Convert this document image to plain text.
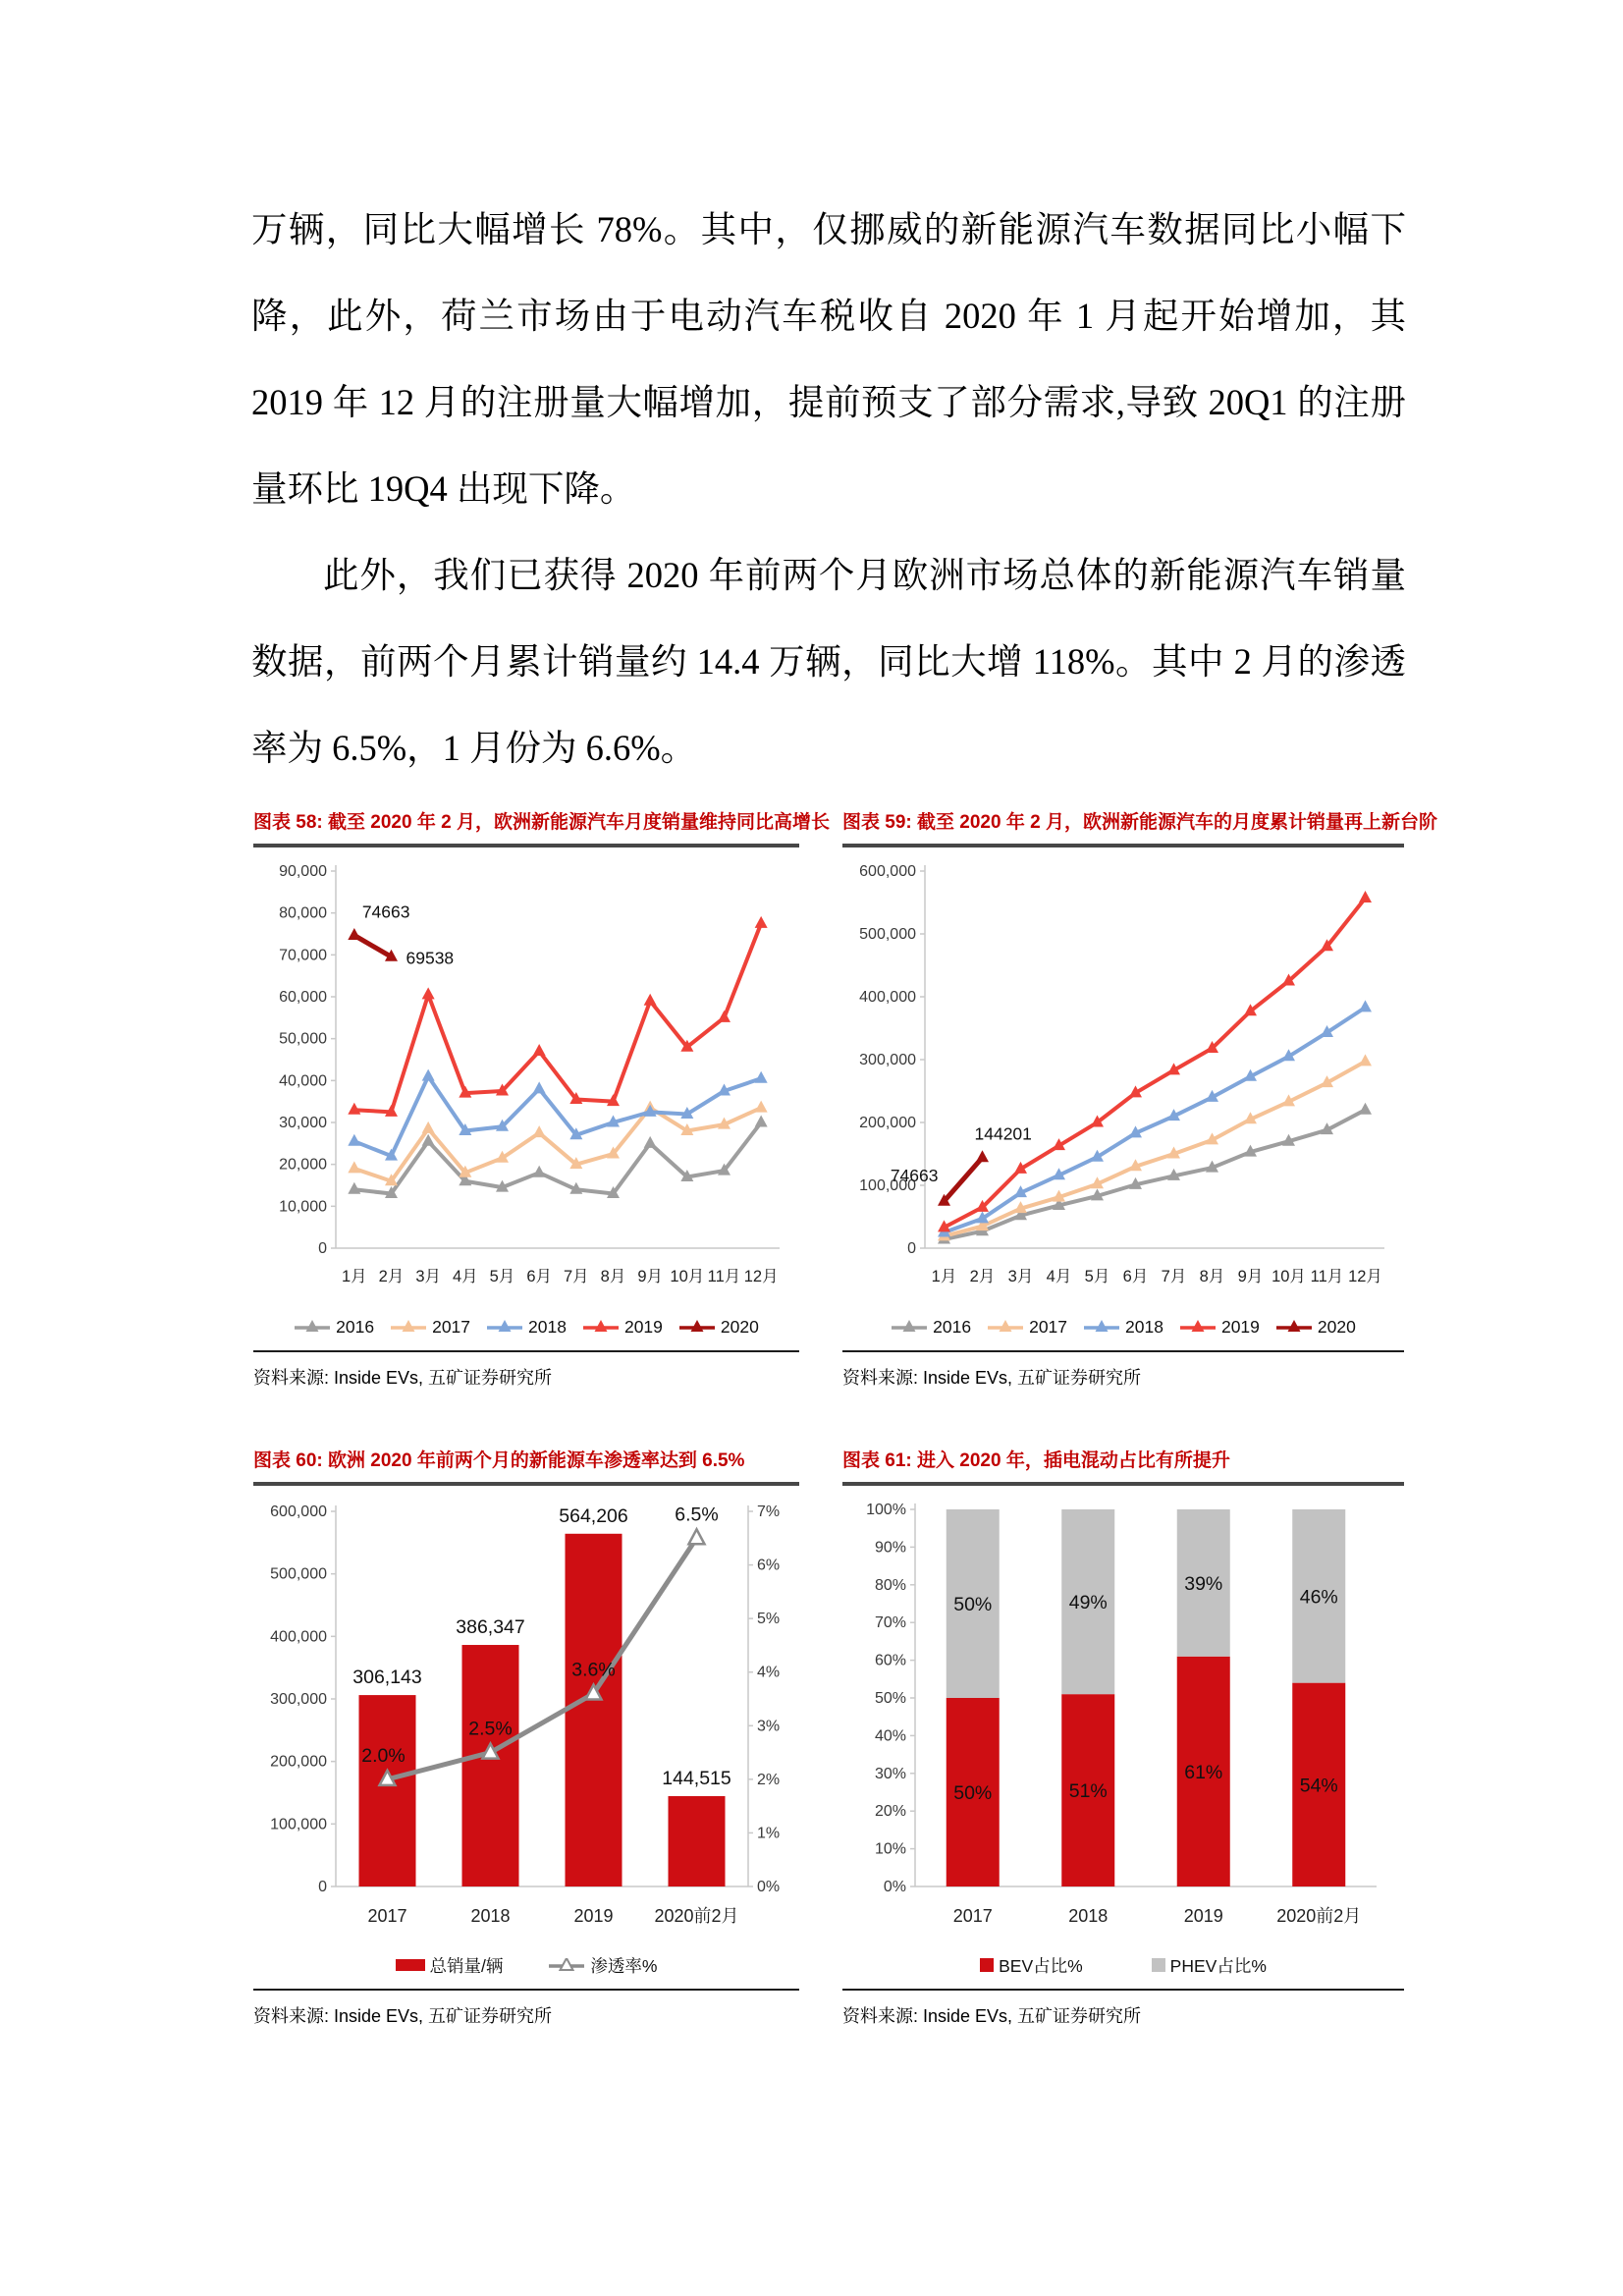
万辆，同比大幅增长 78%。其中，仅挪威的新能源汽车数据同比小幅下降，此外，荷兰市场由于电动汽车税收自 2020 年 1 月起开始增加，其 2019 年 12 月的注册量大幅增加，提前预支了部分需求,导致 20Q1 的注册量环比 19Q4 出现下降。

此外，我们已获得 2020 年前两个月欧洲市场总体的新能源汽车销量数据，前两个月累计销量约 14.4 万辆，同比大增 118%。其中 2 月的渗透率为 6.5%，1 月份为 6.6%。

图表 58: 截至 2020 年 2 月，欧洲新能源汽车月度销量维持同比高增长
0
10,000
20,000
30,000
40,000
50,000
60,000
70,000
80,000
90,000
1月 2月 3月 4月 5月 6月 7月 8月 9月 10月 11月 12月
74663
69538
2016	2017	2018	2019	2020
资料来源: Inside EVs, 五矿证券研究所
图表 59: 截至 2020 年 2 月，欧洲新能源汽车的月度累计销量再上新台阶
0
100,000
200,000
300,000
400,000
500,000
600,000
1月 2月 3月 4月 5月 6月 7月 8月 9月 10月 11月 12月
74663
144201
2016	2017	2018	2019	2020
资料来源: Inside EVs, 五矿证券研究所
图表 60: 欧洲 2020 年前两个月的新能源车渗透率达到 6.5%
0
100,000
200,000
300,000
400,000
500,000
600,000
0%
1%
2%
3%
4%
5%
6%
7%
2017	2018	2019 2020前2月
306,143
386,347
564,206
144,515
2.0%
2.5%
3.6%
6.5%
总销量/辆	渗透率%
资料来源: Inside EVs, 五矿证券研究所
图表 61: 进入 2020 年，插电混动占比有所提升
0%
10%
20%
30%
40%
50%
60%
70%
80%
90%
100%
2017	2018	2019	2020前2月
50%
50%
51%
49%
61%
39%
54%
46%
BEV占比%	PHEV占比%
资料来源: Inside EVs, 五矿证券研究所
